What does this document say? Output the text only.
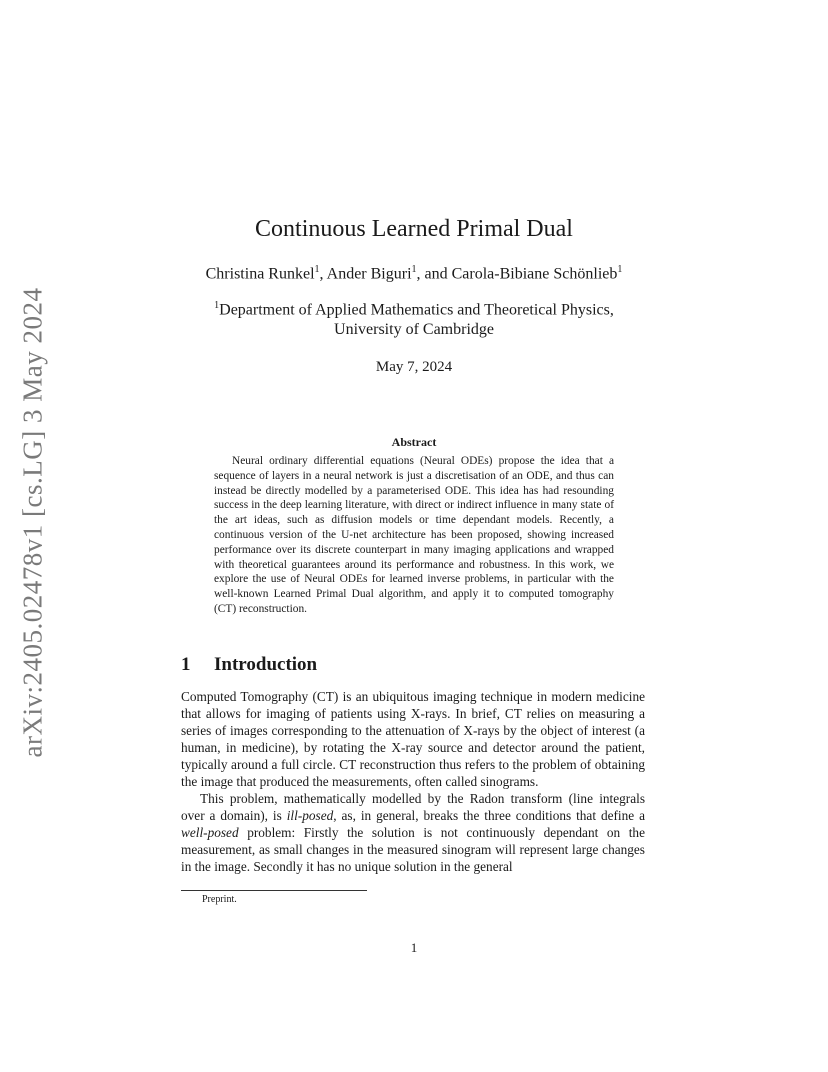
arXiv:2405.02478v1 [cs.LG] 3 May 2024
Continuous Learned Primal Dual
Christina Runkel$^1$, Ander Biguri$^1$, and Carola-Bibiane Schönlieb$^1$
$^1$Department of Applied Mathematics and Theoretical Physics,
University of Cambridge
May 7, 2024
Abstract
Neural ordinary differential equations (Neural ODEs) propose the idea that a sequence of layers in a neural network is just a discretisation of an ODE, and thus can instead be directly modelled by a parameterised ODE. This idea has had resounding success in the deep learning literature, with direct or indirect influence in many state of the art ideas, such as diffusion models or time dependant models. Recently, a continuous version of the U-net architecture has been proposed, showing increased performance over its discrete counterpart in many imaging applications and wrapped with theoretical guarantees around its performance and robustness. In this work, we explore the use of Neural ODEs for learned inverse problems, in particular with the well-known Learned Primal Dual algorithm, and apply it to computed tomography (CT) reconstruction.
1 Introduction

Computed Tomography (CT) is an ubiquitous imaging technique in modern medicine that allows for imaging of patients using X-rays. In brief, CT relies on measuring a series of images corresponding to the attenuation of X-rays by the object of interest (a human, in medicine), by rotating the X-ray source and detector around the patient, typically around a full circle. CT reconstruction thus refers to the problem of obtaining the image that produced the measurements, often called sinograms.

This problem, mathematically modelled by the Radon transform (line integrals over a domain), is ill-posed, as, in general, breaks the three conditions that define a well-posed problem: Firstly the solution is not continuously dependant on the measurement, as small changes in the measured sinogram will represent large changes in the image. Secondly it has no unique solution in the general

Preprint.
1
